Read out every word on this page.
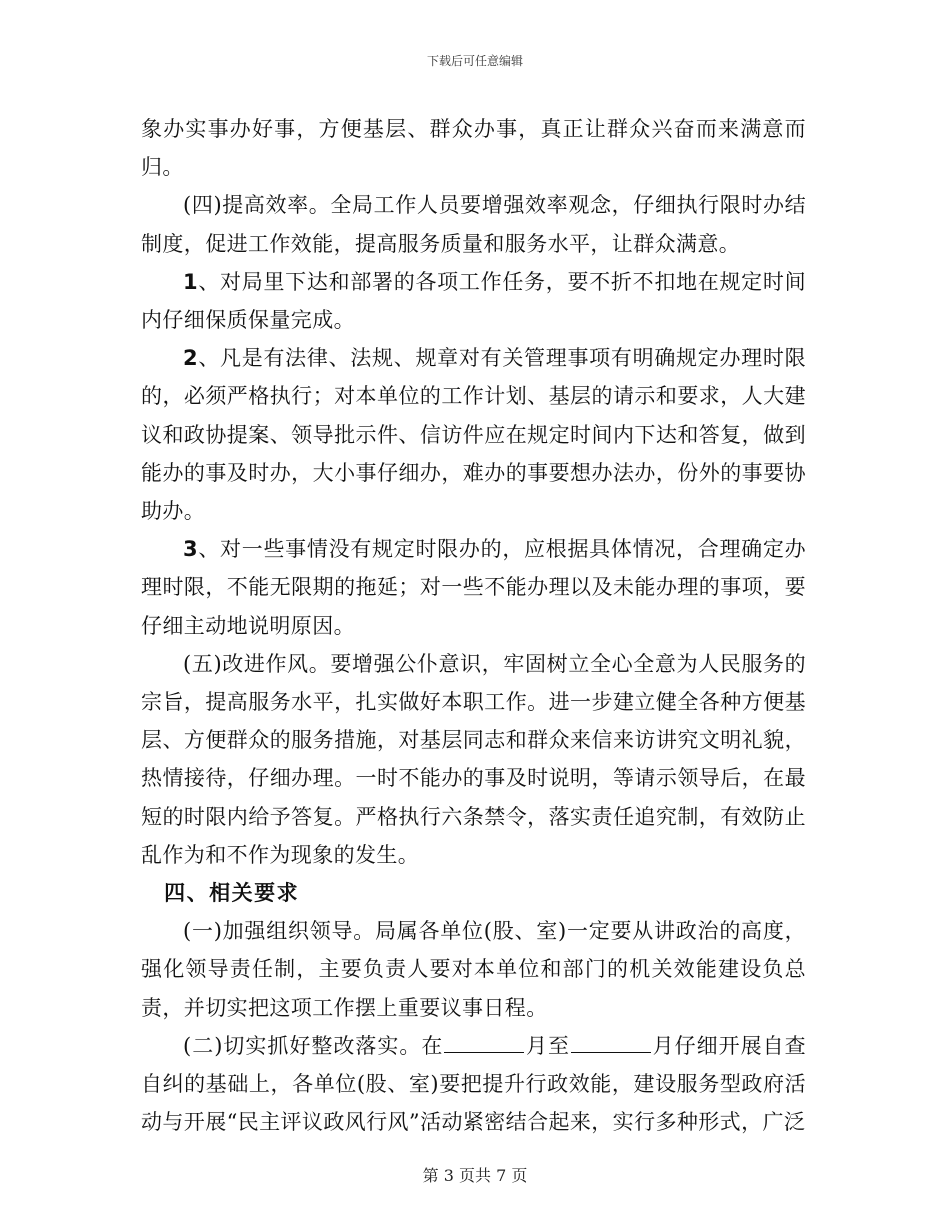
下载后可任意编辑

象办实事办好事，方便基层、群众办事，真正让群众兴奋而来满意而归。

(四)提高效率。全局工作人员要增强效率观念，仔细执行限时办结制度，促进工作效能，提高服务质量和服务水平，让群众满意。

1、对局里下达和部署的各项工作任务，要不折不扣地在规定时间内仔细保质保量完成。

2、凡是有法律、法规、规章对有关管理事项有明确规定办理时限的，必须严格执行；对本单位的工作计划、基层的请示和要求，人大建议和政协提案、领导批示件、信访件应在规定时间内下达和答复，做到能办的事及时办，大小事仔细办，难办的事要想办法办，份外的事要协助办。

3、对一些事情没有规定时限办的，应根据具体情况，合理确定办理时限，不能无限期的拖延；对一些不能办理以及未能办理的事项，要仔细主动地说明原因。

(五)改进作风。要增强公仆意识，牢固树立全心全意为人民服务的宗旨，提高服务水平，扎实做好本职工作。进一步建立健全各种方便基层、方便群众的服务措施，对基层同志和群众来信来访讲究文明礼貌，热情接待，仔细办理。一时不能办的事及时说明，等请示领导后，在最短的时限内给予答复。严格执行六条禁令，落实责任追究制，有效防止乱作为和不作为现象的发生。

四、相关要求

(一)加强组织领导。局属各单位(股、室)一定要从讲政治的高度，强化领导责任制，主要负责人要对本单位和部门的机关效能建设负总责，并切实把这项工作摆上重要议事日程。

(二)切实抓好整改落实。在	月至	月仔细开展自查自纠的基础上，各单位(股、室)要把提升行政效能，建设服务型政府活动与开展“民主评议政风行风”活动紧密结合起来，实行多种形式，广泛

第 3 页共 7 页
